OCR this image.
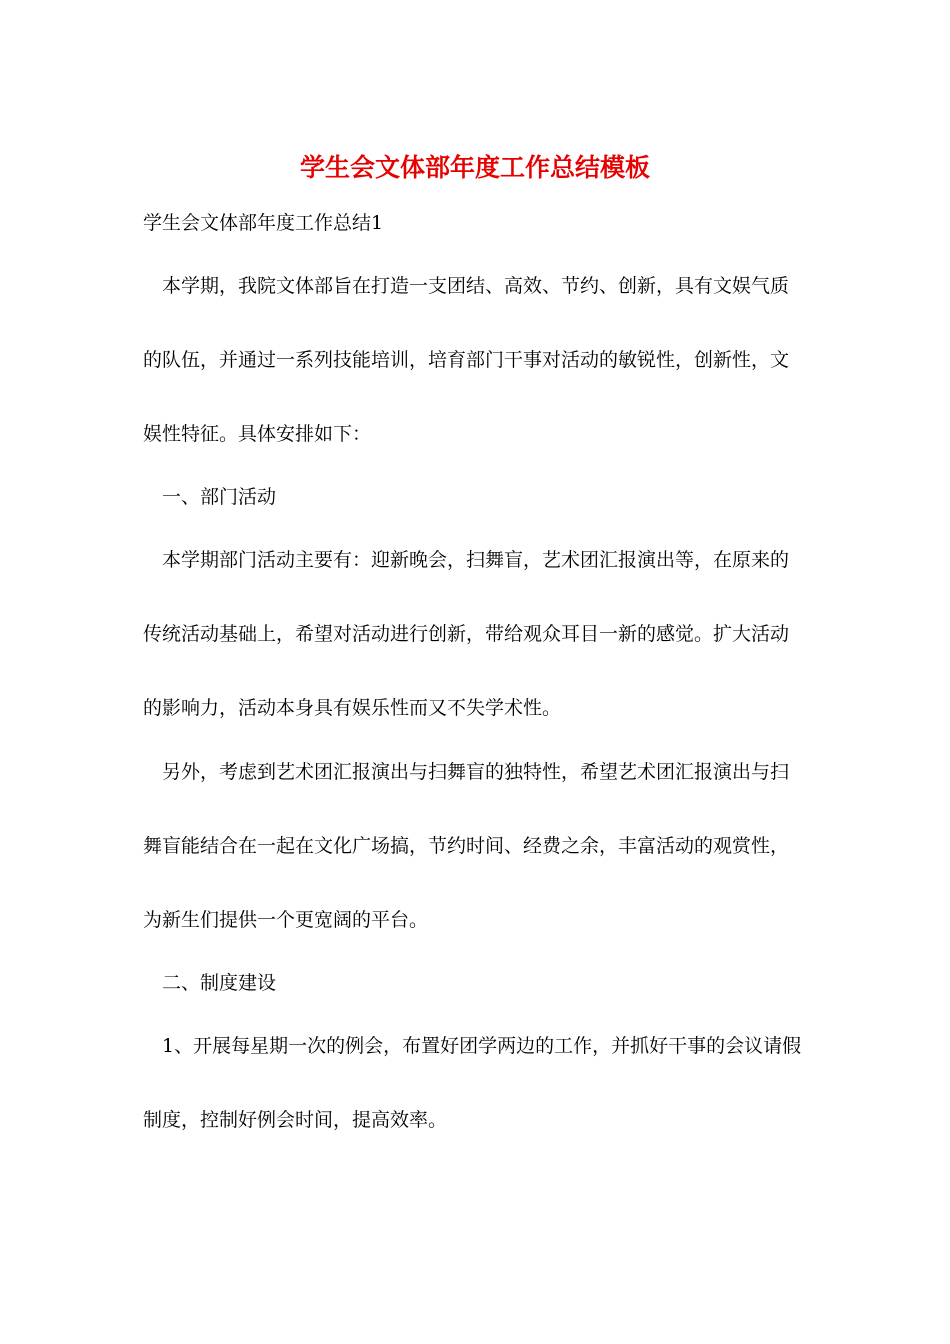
学生会文体部年度工作总结模板
学生会文体部年度工作总结1
本学期，我院文体部旨在打造一支团结、高效、节约、创新，具有文娱气质
的队伍，并通过一系列技能培训，培育部门干事对活动的敏锐性，创新性，文
娱性特征。具体安排如下：
一、部门活动
本学期部门活动主要有：迎新晚会，扫舞盲，艺术团汇报演出等，在原来的
传统活动基础上，希望对活动进行创新，带给观众耳目一新的感觉。扩大活动
的影响力，活动本身具有娱乐性而又不失学术性。
另外，考虑到艺术团汇报演出与扫舞盲的独特性，希望艺术团汇报演出与扫
舞盲能结合在一起在文化广场搞，节约时间、经费之余，丰富活动的观赏性，
为新生们提供一个更宽阔的平台。
二、制度建设
1、开展每星期一次的例会，布置好团学两边的工作，并抓好干事的会议请假
制度，控制好例会时间，提高效率。
